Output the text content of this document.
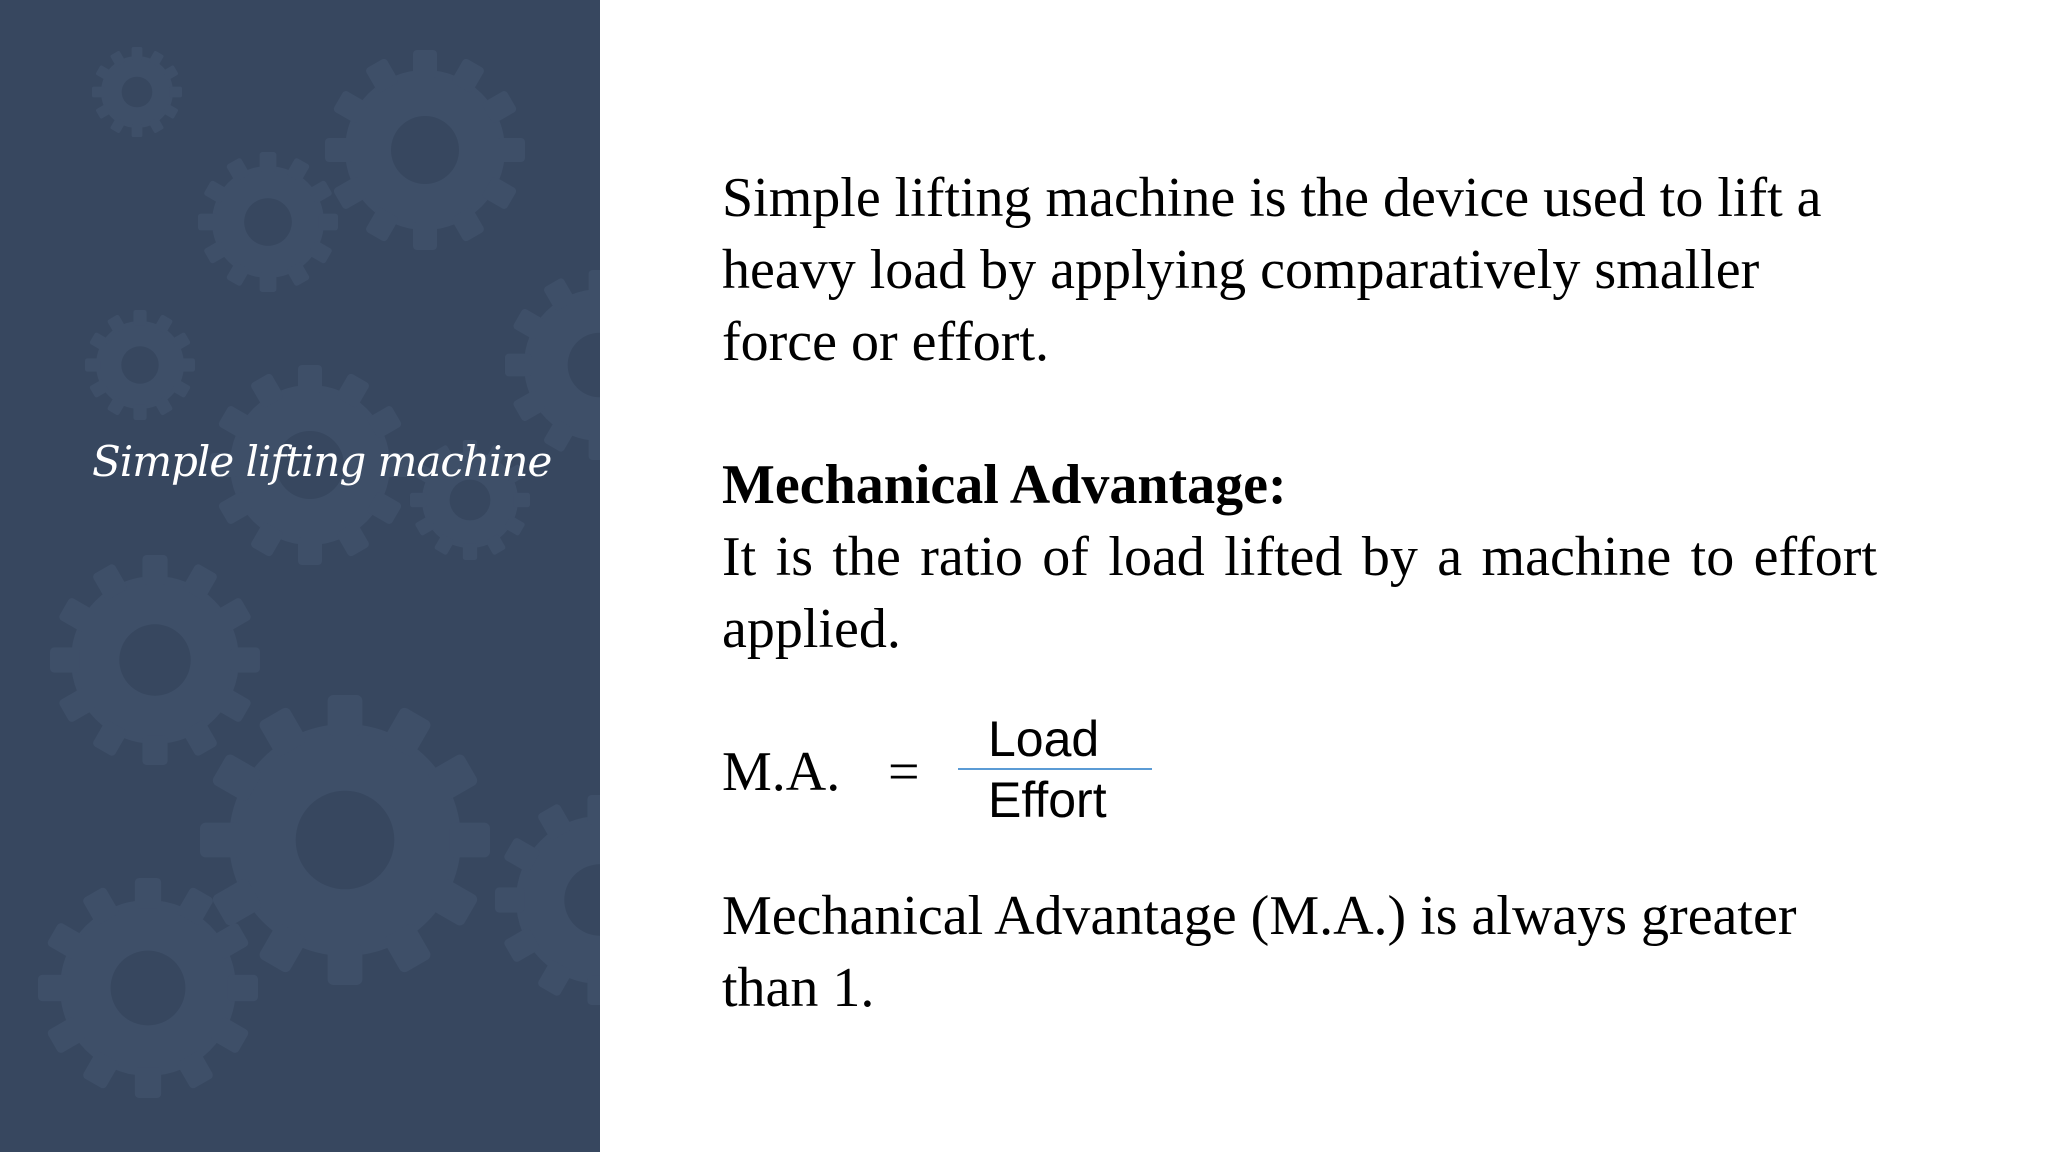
Simple lifting machine

Simple lifting machine is the device used to lift a heavy load by applying comparatively smaller force or effort.

Mechanical Advantage:

It is the ratio of load lifted by a machine to effort applied.

M.A. =
Load
Effort

Mechanical Advantage (M.A.) is always greater than 1.
